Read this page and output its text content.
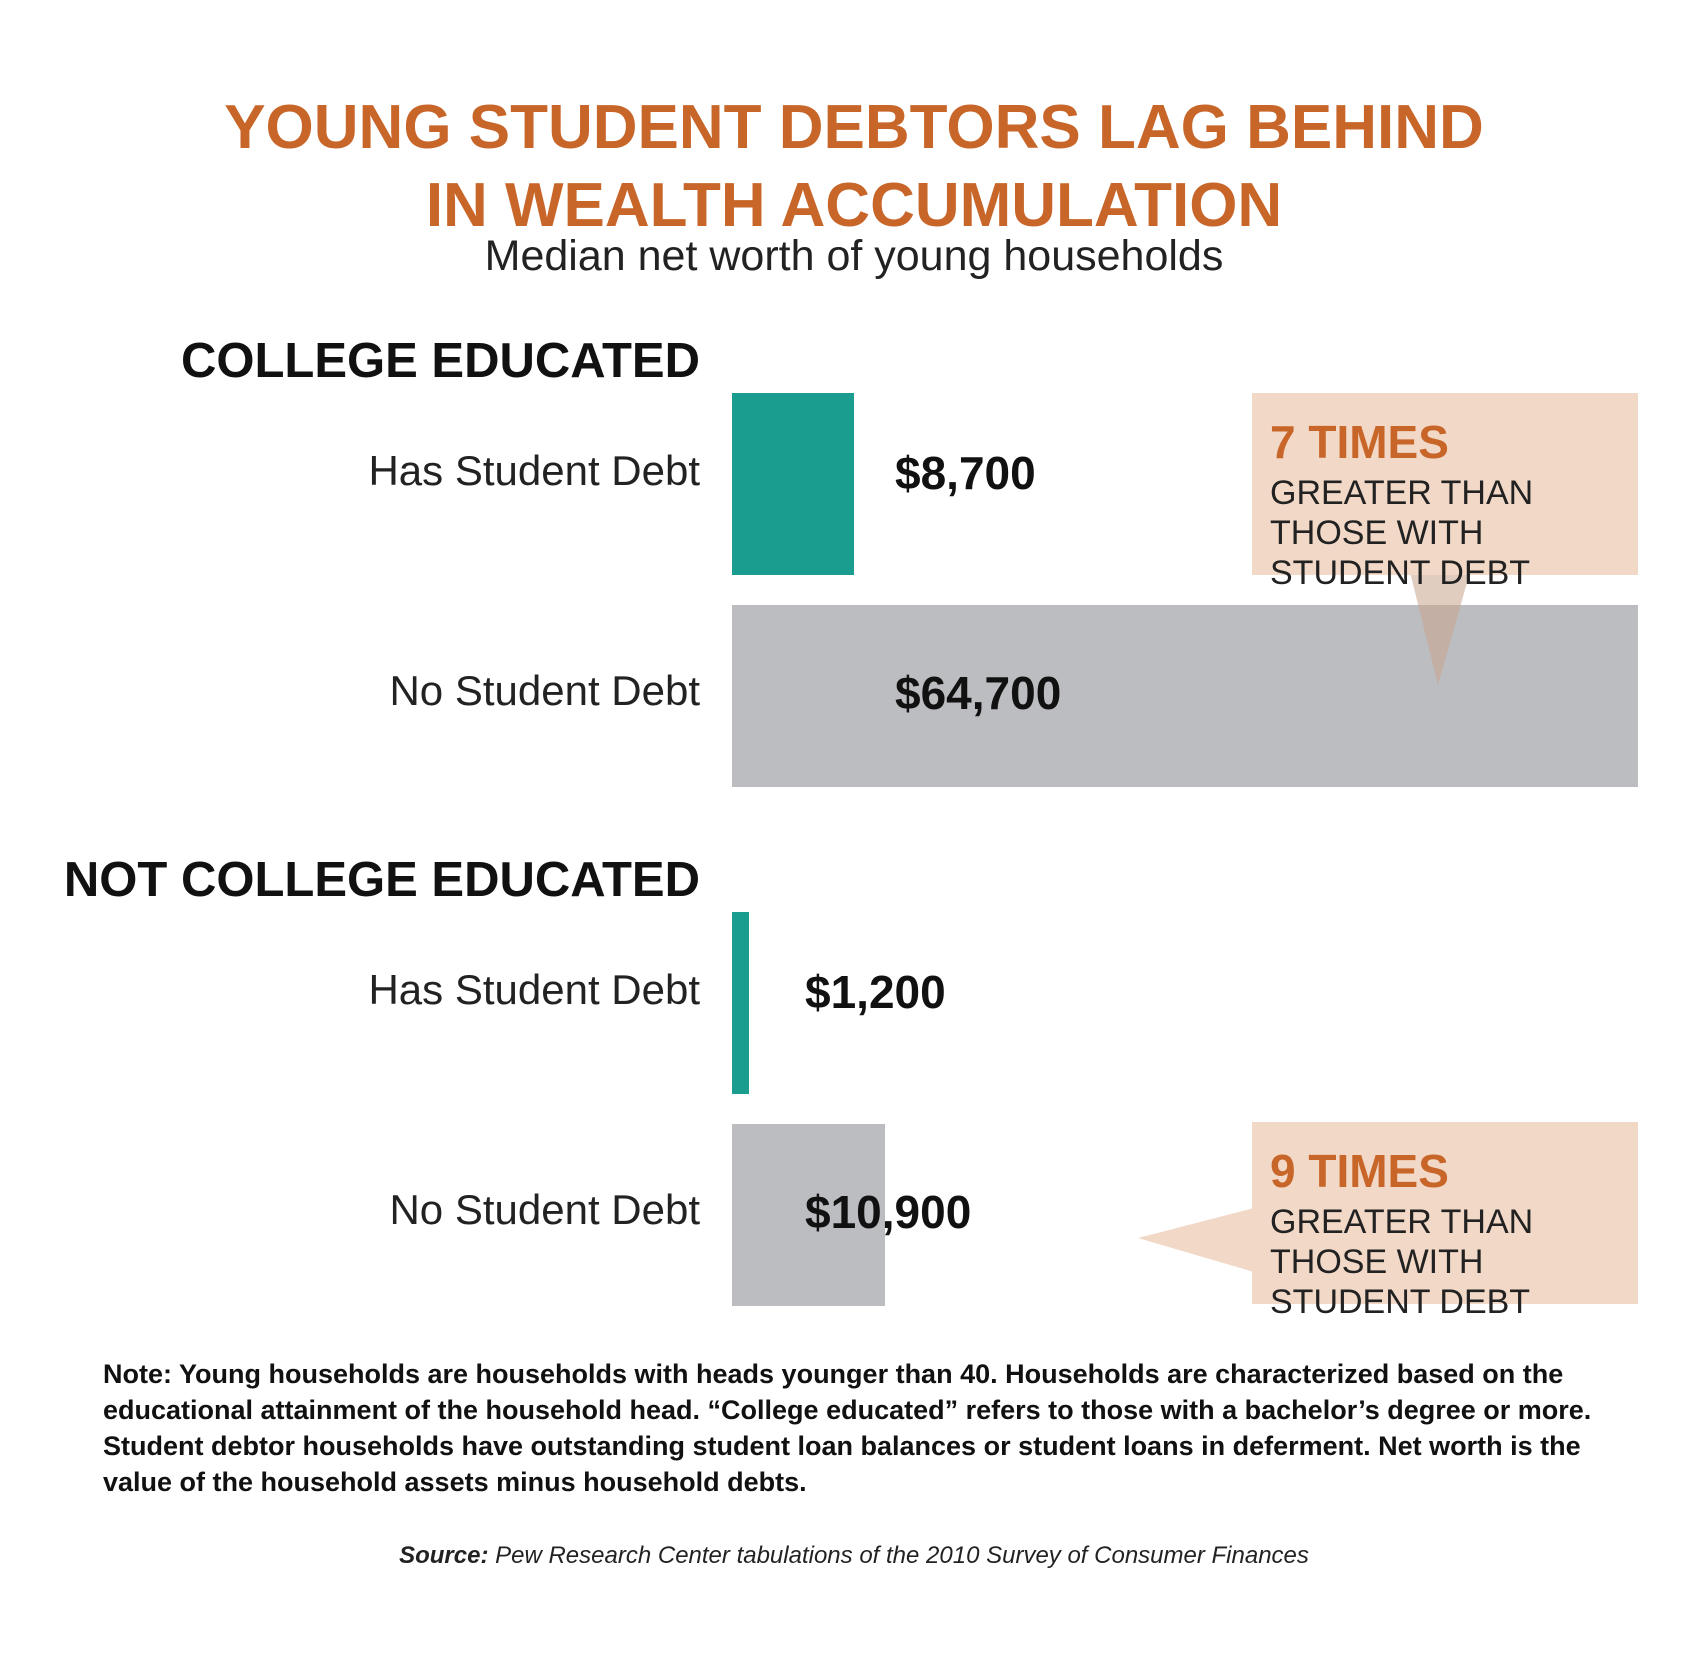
YOUNG STUDENT DEBTORS LAG BEHIND
IN WEALTH ACCUMULATION
Median net worth of young households
COLLEGE EDUCATED
Has Student Debt
No Student Debt
$8,700
$64,700
7 TIMES
GREATER THAN THOSE WITH STUDENT DEBT
NOT COLLEGE EDUCATED
Has Student Debt
No Student Debt
$1,200
$10,900
9 TIMES
GREATER THAN THOSE WITH STUDENT DEBT
Note: Young households are households with heads younger than 40. Households are characterized based on the educational attainment of the household head. “College educated” refers to those with a bachelor’s degree or more. Student debtor households have outstanding student loan balances or student loans in deferment. Net worth is the value of the household assets minus household debts.
Source: Pew Research Center tabulations of the 2010 Survey of Consumer Finances
